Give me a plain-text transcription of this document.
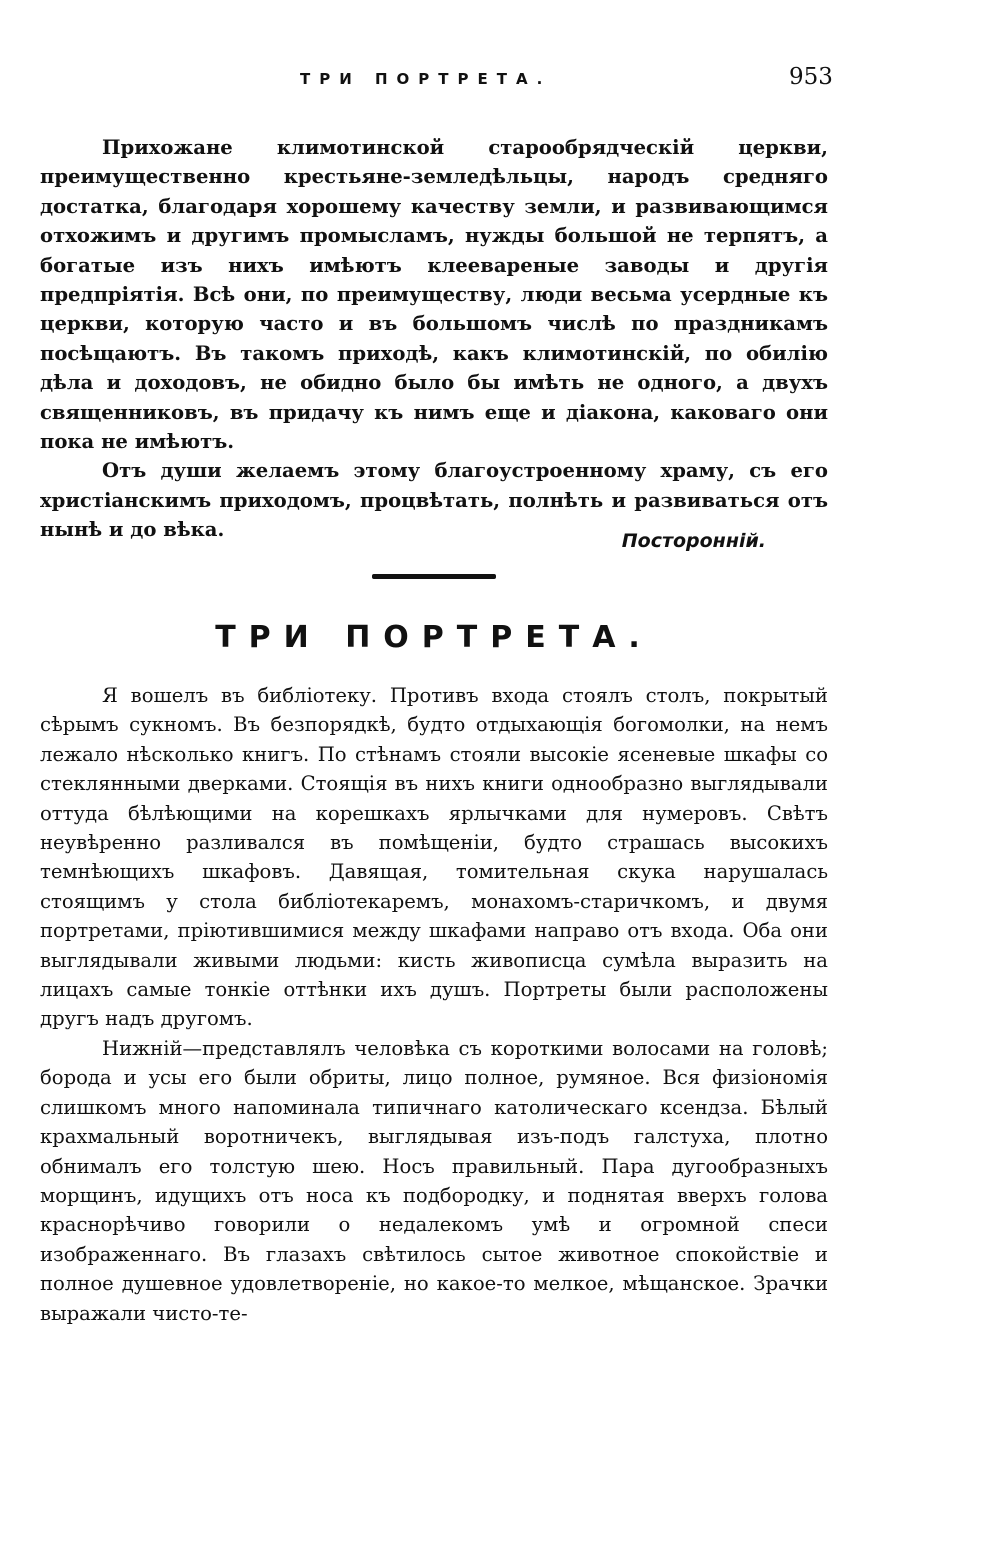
ТРИ ПОРТРЕТА.	953

Прихожане климотинской старообрядческій церкви, преимущественно крестьяне-земледѣльцы, народъ средняго достатка, благодаря хорошему качеству земли, и развивающимся отхожимъ и другимъ промысламъ, нужды большой не терпятъ, а богатые изъ нихъ имѣютъ клеевареные заводы и другія предпріятія. Всѣ они, по преимуществу, люди весьма усердные къ церкви, которую часто и въ большомъ числѣ по праздникамъ посѣщаютъ. Въ такомъ приходѣ, какъ климотинскій, по обилію дѣла и доходовъ, не обидно было бы имѣть не одного, а двухъ священниковъ, въ придачу къ нимъ еще и діакона, каковаго они пока не имѣютъ.

Отъ души желаемъ этому благоустроенному храму, съ его христіанскимъ приходомъ, процвѣтать, полнѣть и развиваться отъ нынѣ и до вѣка.	Посторонній.
ТРИ ПОРТРЕТА.

Я вошелъ въ библіотеку. Противъ входа стоялъ столъ, покрытый сѣрымъ сукномъ. Въ безпорядкѣ, будто отдыхающія богомолки, на немъ лежало нѣсколько книгъ. По стѣнамъ стояли высокіе ясеневые шкафы со стеклянными дверками. Стоящія въ нихъ книги однообразно выглядывали оттуда бѣлѣющими на корешкахъ ярлычками для нумеровъ. Свѣтъ неувѣренно разливался въ помѣщеніи, будто страшась высокихъ темнѣющихъ шкафовъ. Давящая, томительная скука нарушалась стоящимъ у стола библіотекаремъ, монахомъ-старичкомъ, и двумя портретами, пріютившимися между шкафами направо отъ входа. Оба они выглядывали живыми людьми: кисть живописца сумѣла выразить на лицахъ самые тонкіе оттѣнки ихъ душъ. Портреты были расположены другъ надъ другомъ.

Нижній—представлялъ человѣка съ короткими волосами на головѣ; борода и усы его были обриты, лицо полное, румяное. Вся физіономія слишкомъ много напоминала типичнаго католическаго ксендза. Бѣлый крахмальный воротничекъ, выглядывая изъ-подъ галстуха, плотно обнималъ его толстую шею. Носъ правильный. Пара дугообразныхъ морщинъ, идущихъ отъ носа къ подбородку, и поднятая вверхъ голова краснорѣчиво говорили о недалекомъ умѣ и огромной спеси изображеннаго. Въ глазахъ свѣтилось сытое животное спокойствіе и полное душевное удовлетвореніе, но какое-то мелкое, мѣщанское. Зрачки выражали чисто-те-
